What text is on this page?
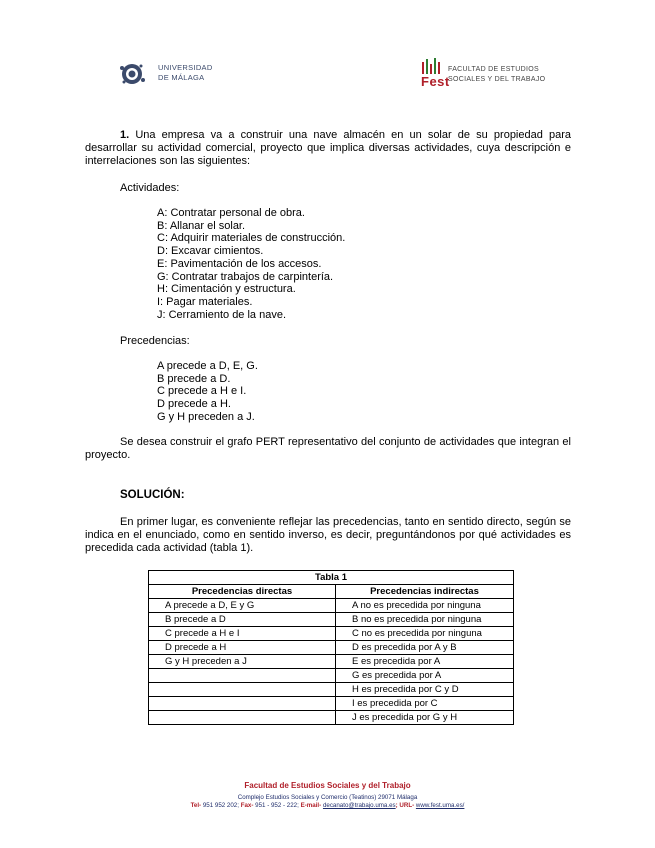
UNIVERSIDAD
DE MÁLAGA	Fest
FACULTAD DE ESTUDIOS
SOCIALES Y DEL TRABAJO
1. Una empresa va a construir una nave almacén en un solar de su propiedad para desarrollar su actividad comercial, proyecto que implica diversas actividades, cuya descripción e interrelaciones son las siguientes:
Actividades:
A: Contratar personal de obra.
B: Allanar el solar.
C: Adquirir materiales de construcción.
D: Excavar cimientos.
E: Pavimentación de los accesos.
G: Contratar trabajos de carpintería.
H: Cimentación y estructura.
I: Pagar materiales.
J: Cerramiento de la nave.
Precedencias:
A precede a D, E, G.
B precede a D.
C precede a H e I.
D precede a H.
G y H preceden a J.
Se desea construir el grafo PERT representativo del conjunto de actividades que integran el proyecto.
SOLUCIÓN:
En primer lugar, es conveniente reflejar las precedencias, tanto en sentido directo, según se indica en el enunciado, como en sentido inverso, es decir, preguntándonos por qué actividades es precedida cada actividad (tabla 1).
Tabla 1	
Precedencias directas	Precedencias indirectas
A precede a D, E y G	A no es precedida por ninguna
B precede a D	B no es precedida por ninguna
C precede a H e I	C no es precedida por ninguna
D precede a H	D es precedida por A y B
G y H preceden a J	E es precedida por A
	G es precedida por A
	H es precedida por C y D
	I es precedida por C
	J es precedida por G y H
Facultad de Estudios Sociales y del Trabajo
Complejo Estudios Sociales y Comercio (Teatinos) 29071 Málaga
Tel- 951 952 202; Fax- 951 - 952 - 222; E-mail- decanato@trabajo.uma.es; URL- www.fest.uma.es/
